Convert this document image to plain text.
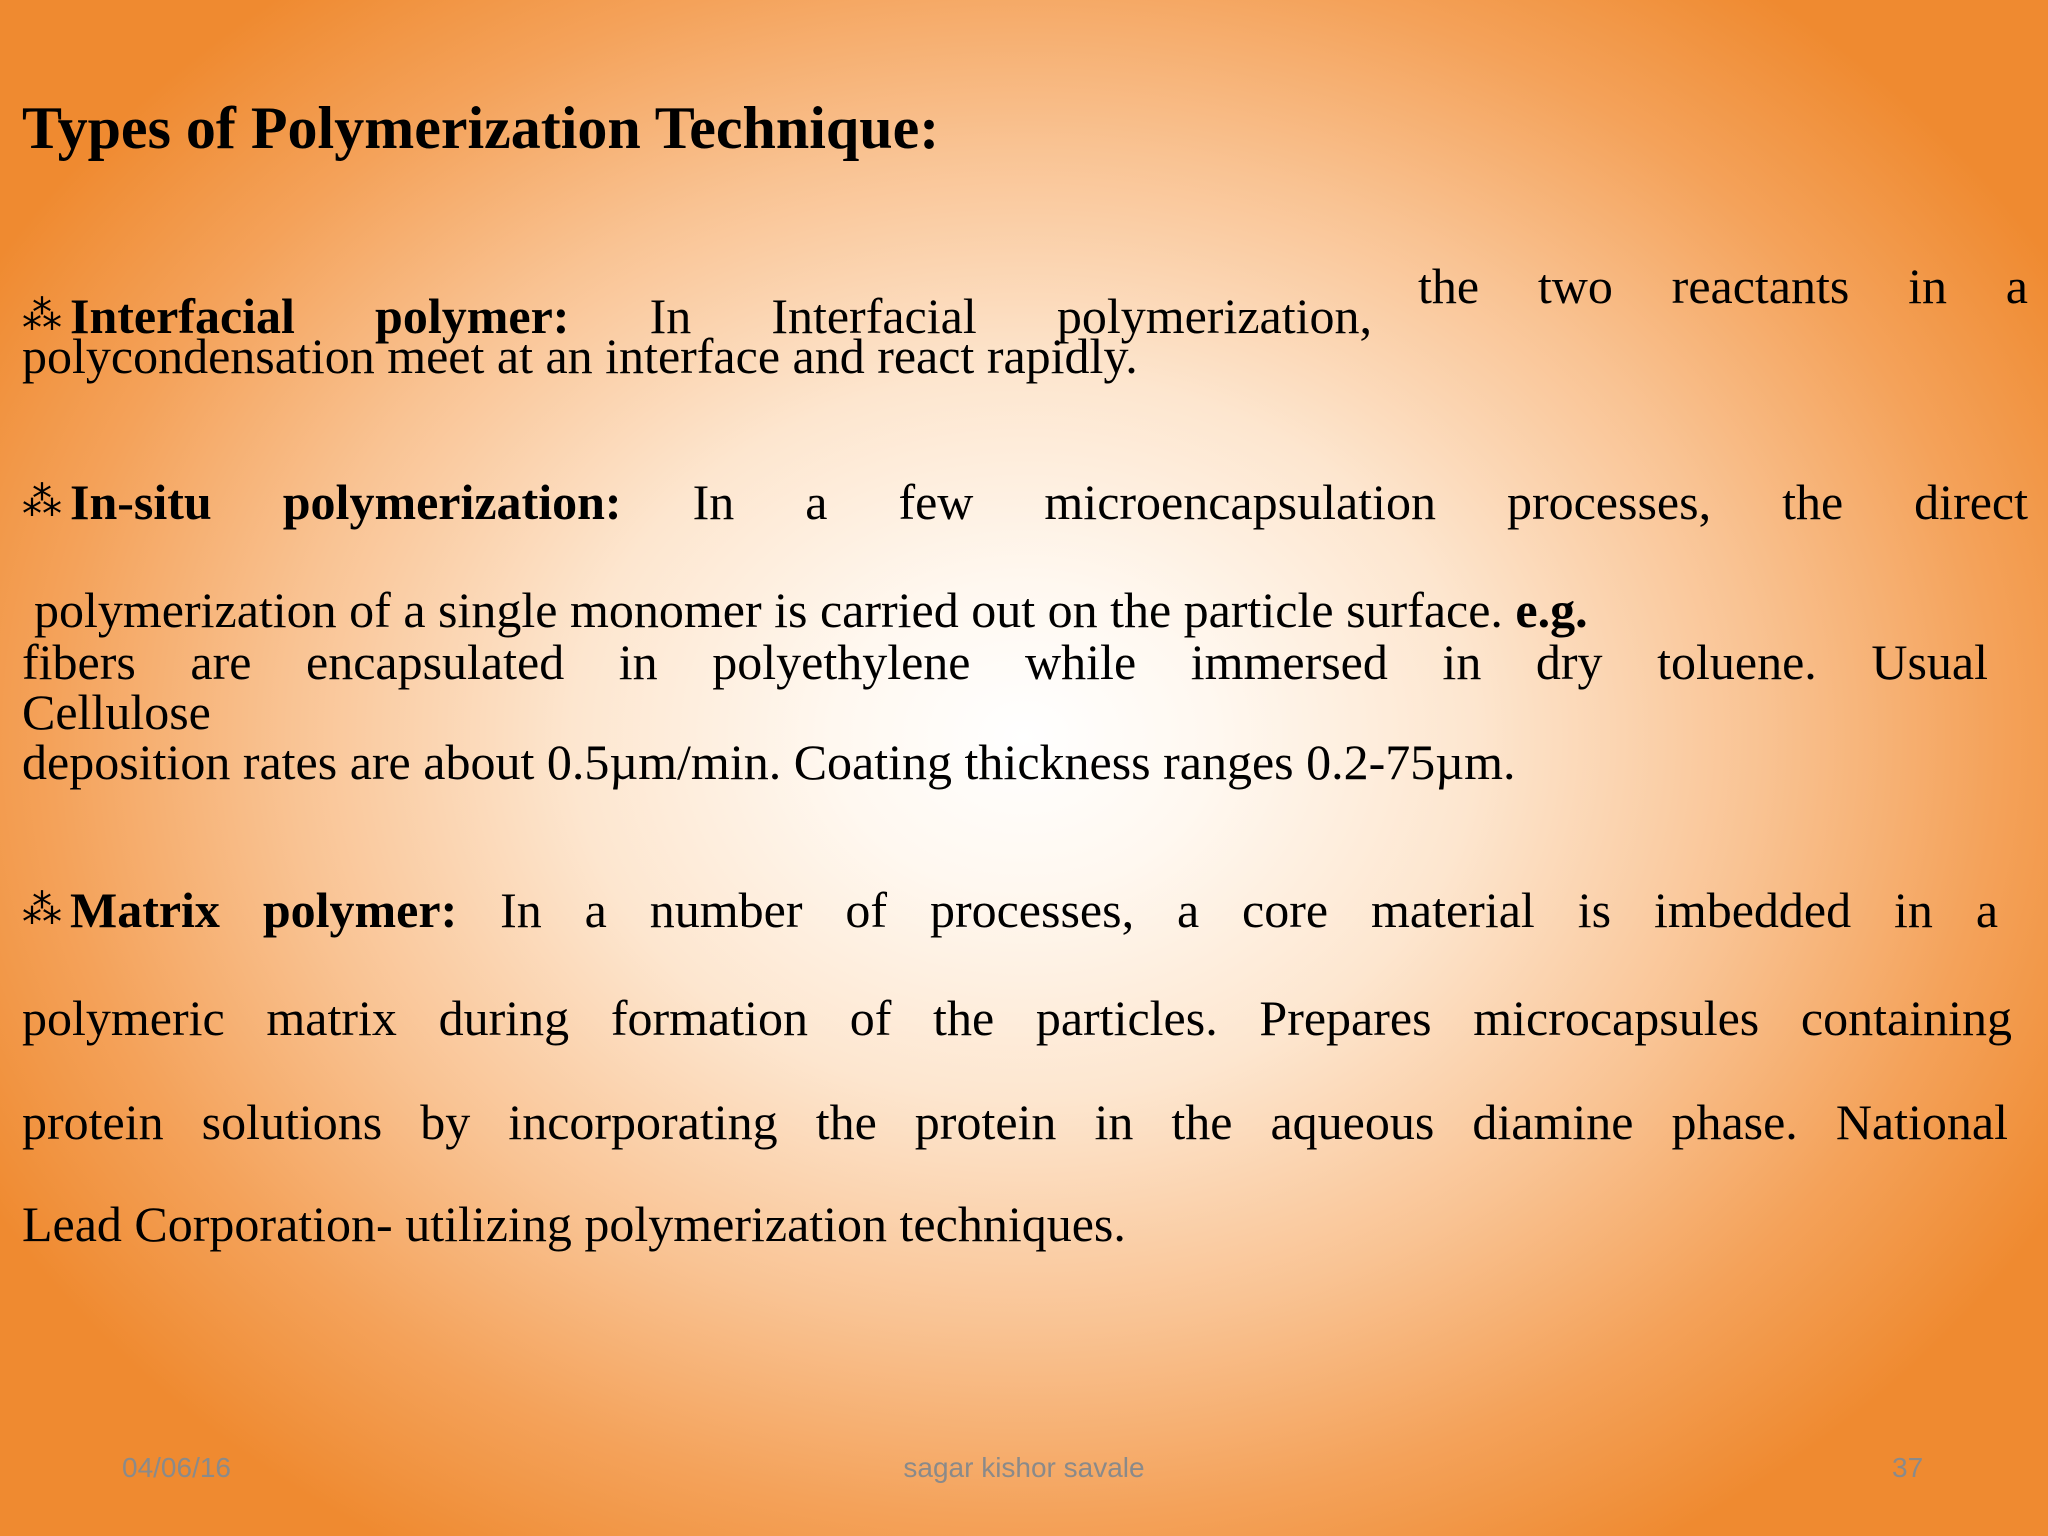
Types of Polymerization Technique:

the two reactants in a

⁂ Interfacial polymer: In Interfacial polymerization,

polycondensation meet at an interface and react rapidly.

⁂ In-situ polymerization: In a few microencapsulation processes, the direct

polymerization of a single monomer is carried out on the particle surface. e.g.

fibers are encapsulated in polyethylene while immersed in dry toluene. Usual

Cellulose

deposition rates are about 0.5µm/min. Coating thickness ranges 0.2-75µm.

⁂ Matrix polymer: In a number of processes, a core material is imbedded in a

polymeric matrix during formation of the particles. Prepares microcapsules containing

protein solutions by incorporating the protein in the aqueous diamine phase. National

Lead Corporation- utilizing polymerization techniques.

04/06/16	sagar kishor savale	37
